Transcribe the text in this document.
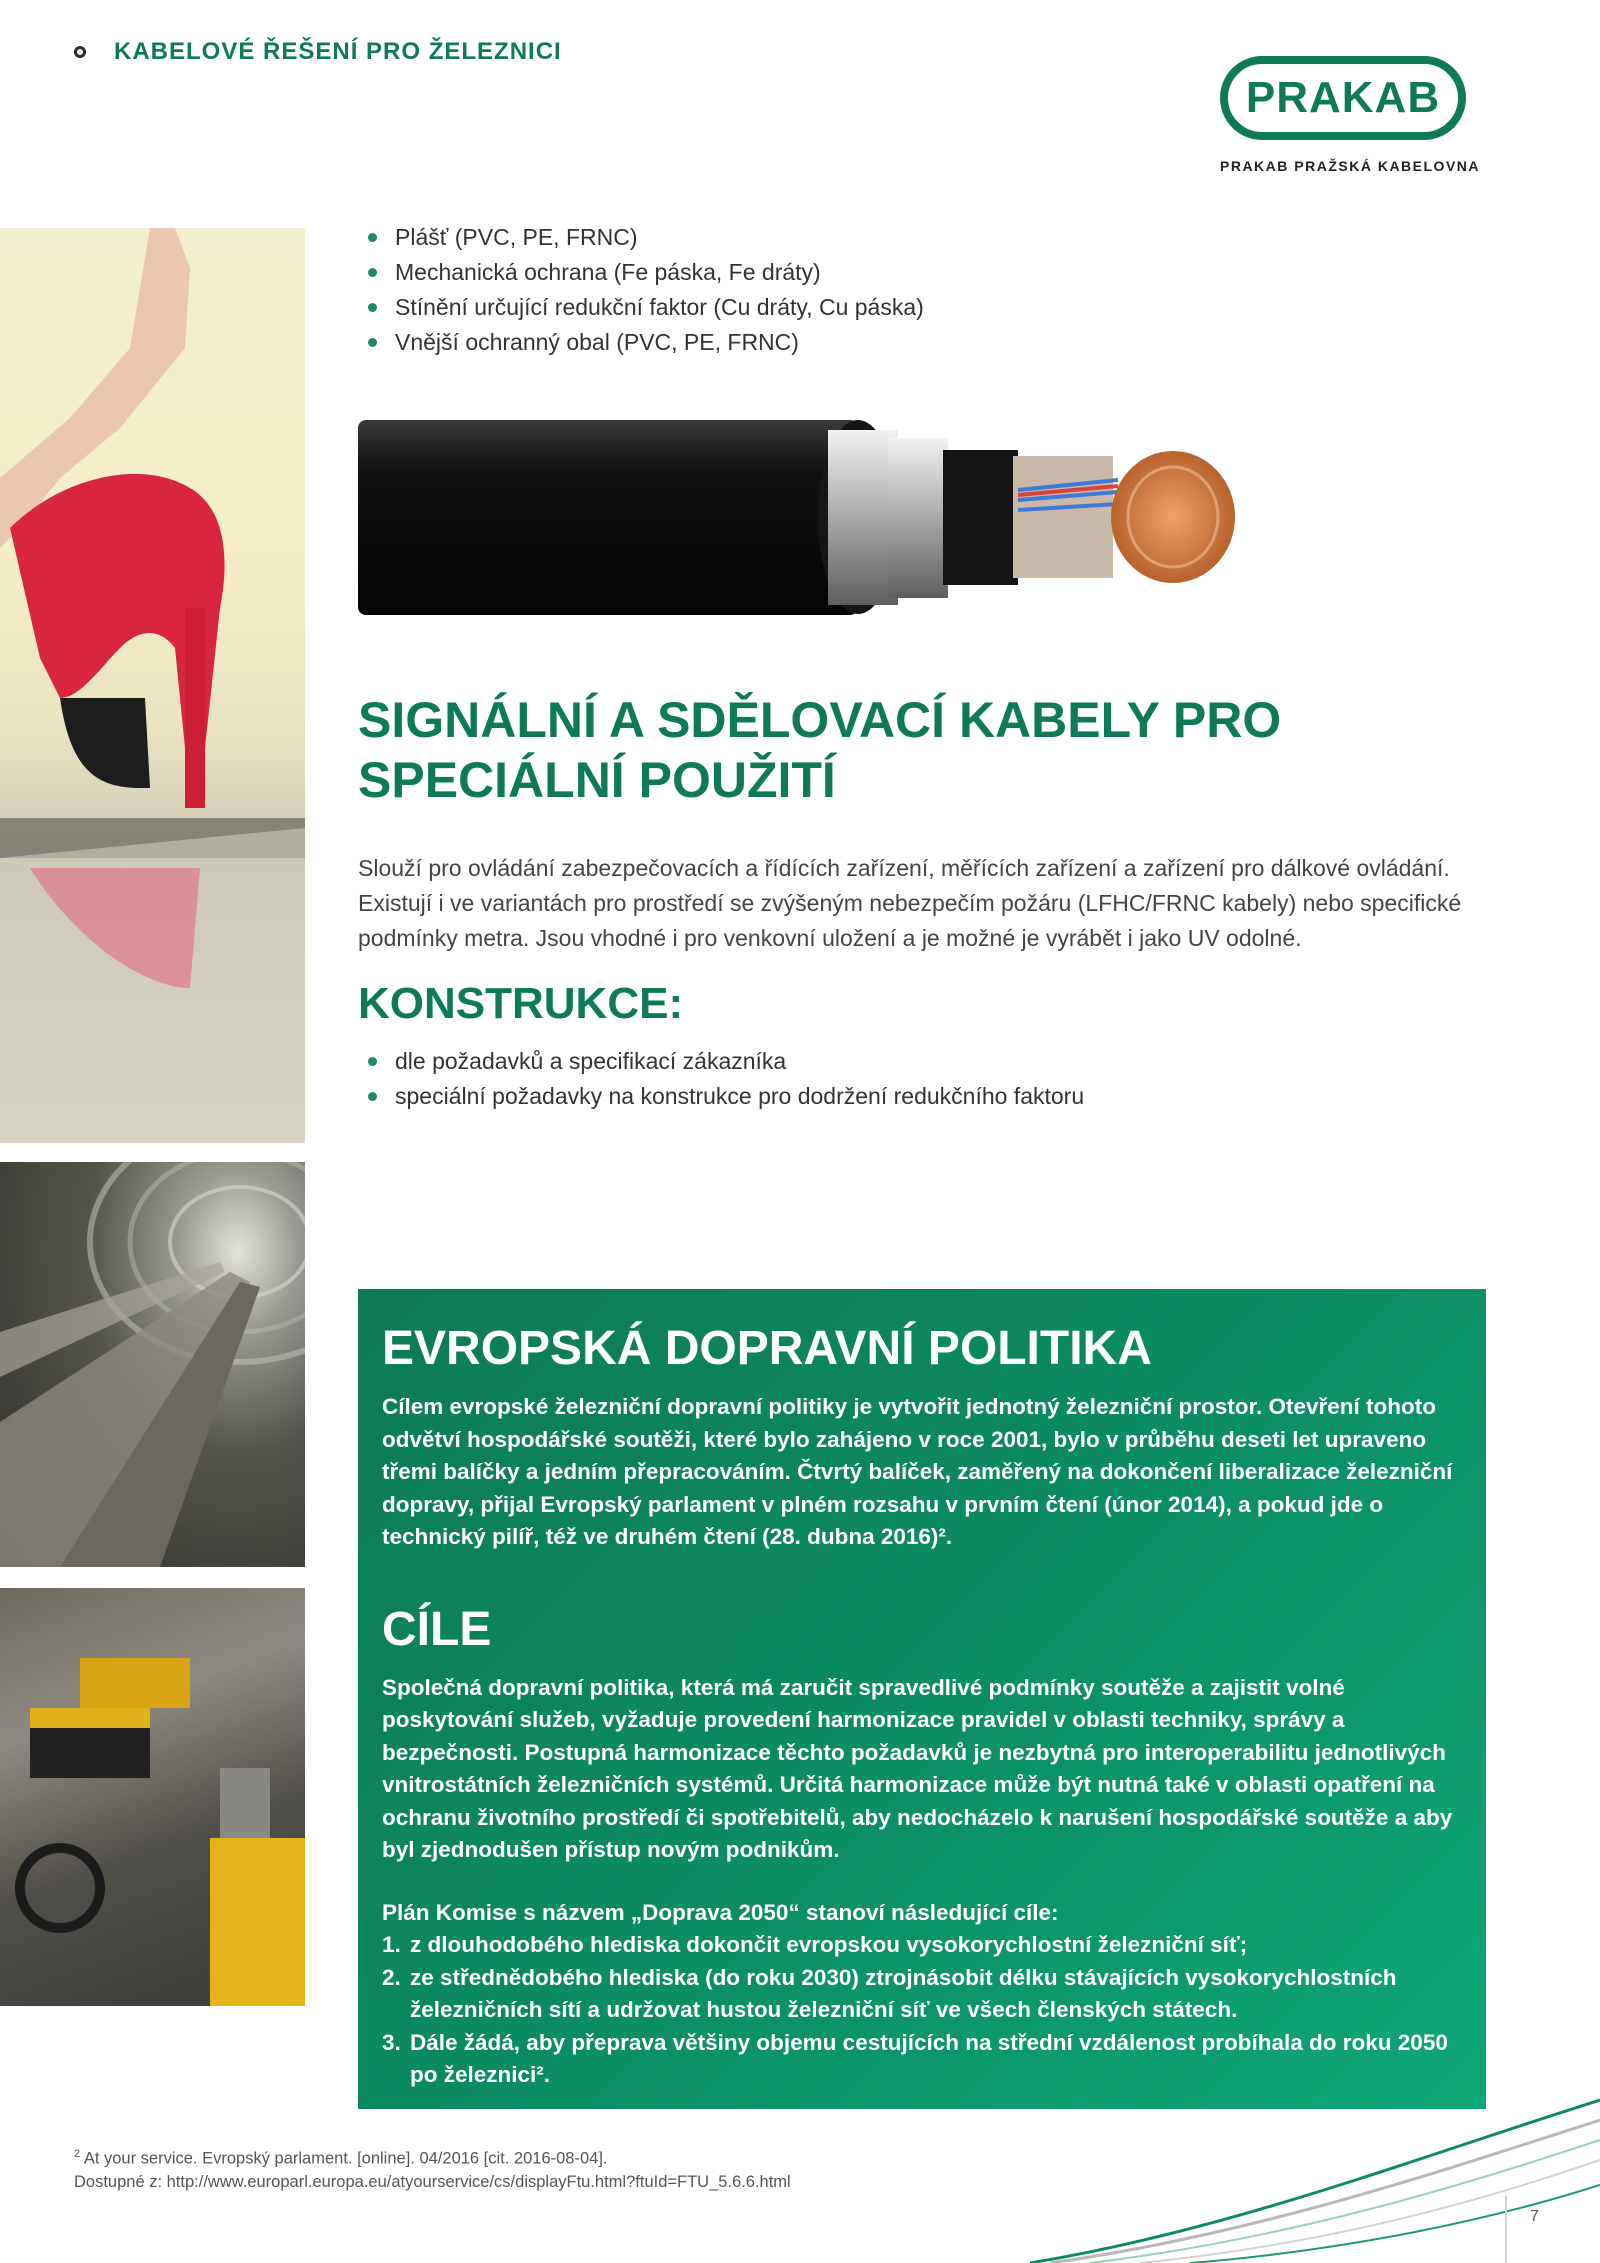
KABELOVÉ ŘEŠENÍ PRO ŽELEZNICI
PRAKAB
PRAKAB PRAŽSKÁ KABELOVNA
Plášť (PVC, PE, FRNC)
Mechanická ochrana (Fe páska, Fe dráty)
Stínění určující redukční faktor (Cu dráty, Cu páska)
Vnější ochranný obal (PVC, PE, FRNC)
SIGNÁLNÍ A SDĚLOVACÍ KABELY PRO SPECIÁLNÍ POUŽITÍ

Slouží pro ovládání zabezpečovacích a řídících zařízení, měřících zařízení a zařízení pro dálkové ovládání. Existují i ve variantách pro prostředí se zvýšeným nebezpečím požáru (LFHC/FRNC kabely) nebo specifické podmínky metra. Jsou vhodné i pro venkovní uložení a je možné je vyrábět i jako UV odolné.

KONSTRUKCE:
dle požadavků a specifikací zákazníka
speciální požadavky na konstrukce pro dodržení redukčního faktoru
EVROPSKÁ DOPRAVNÍ POLITIKA

Cílem evropské železniční dopravní politiky je vytvořit jednotný železniční prostor. Otevření tohoto odvětví hospodářské soutěži, které bylo zahájeno v roce 2001, bylo v průběhu deseti let upraveno třemi balíčky a jedním přepracováním. Čtvrtý balíček, zaměřený na dokončení liberalizace železniční dopravy, přijal Evropský parlament v plném rozsahu v prvním čtení (únor 2014), a pokud jde o technický pilíř, též ve druhém čtení (28. dubna 2016)².

CÍLE

Společná dopravní politika, která má zaručit spravedlivé podmínky soutěže a zajistit volné poskytování služeb, vyžaduje provedení harmonizace pravidel v oblasti techniky, správy a bezpečnosti. Postupná harmonizace těchto požadavků je nezbytná pro interoperabilitu jednotlivých vnitrostátních železničních systémů. Určitá harmonizace může být nutná také v oblasti opatření na ochranu životního prostředí či spotřebitelů, aby nedocházelo k narušení hospodářské soutěže a aby byl zjednodušen přístup novým podnikům.

Plán Komise s názvem „Doprava 2050“ stanoví následující cíle:

1. z dlouhodobého hlediska dokončit evropskou vysokorychlostní železniční síť;
2. ze střednědobého hlediska (do roku 2030) ztrojnásobit délku stávajících vysokorychlostních železničních sítí a udržovat hustou železniční síť ve všech členských státech.
3. Dále žádá, aby přeprava většiny objemu cestujících na střední vzdálenost probíhala do roku 2050 po železnici².
$^2$ At your service. Evropský parlament. [online]. 04/2016 [cit. 2016-08-04].
Dostupné z: http://www.europarl.europa.eu/atyourservice/cs/displayFtu.html?ftuId=FTU_5.6.6.html
7
